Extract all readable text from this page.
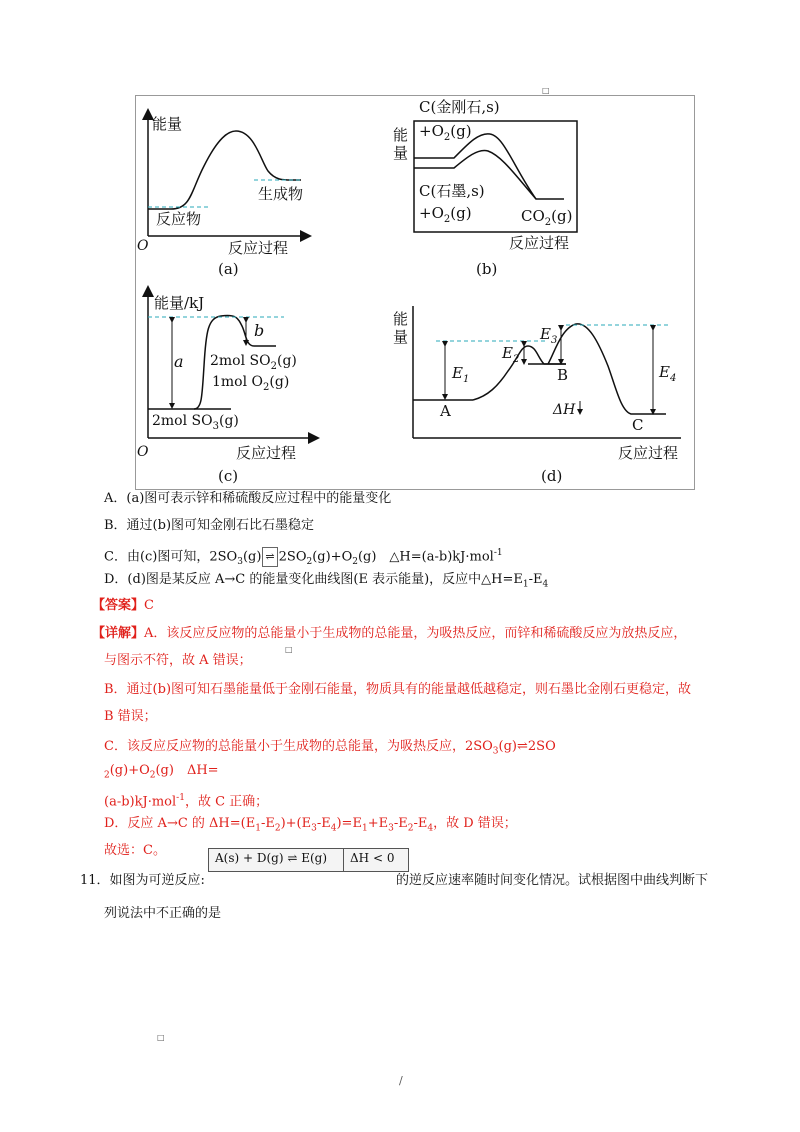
□
□
□
能量
O
反应物
生成物
反应过程
(a)
C(金刚石,s)
$+O_2(g)$
能
量
C(石墨,s)
$+O_2(g)$	$CO_2(g)$
反应过程
(b)
能量/kJ
O
a
b
2mol $SO_2(g)$
1mol $O_2(g)$
2mol $SO_3(g)$
反应过程
(c)
能
量
$E_1$
$E_2$
$E_3$
$E_4$
ΔH
A
B
C
反应过程
(d)
A．(a)图可表示锌和稀硫酸反应过程中的能量变化
B．通过(b)图可知金刚石比石墨稳定
C．由(c)图可知，$2SO_3(g)$ ⇌ $2SO_2(g)+O_2(g)$　△H=(a-b)kJ·mol$^{-1}$
D．(d)图是某反应 A→C 的能量变化曲线图(E 表示能量)，反应中$\triangle H=E_1-E_4$
【答案】C
【详解】A．该反应反应物的总能量小于生成物的总能量，为吸热反应，而锌和稀硫酸反应为放热反应，
与图示不符，故 A 错误；
B．通过(b)图可知石墨能量低于金刚石能量，物质具有的能量越低越稳定，则石墨比金刚石更稳定，故
B 错误；
C．该反应反应物的总能量小于生成物的总能量，为吸热反应，$2SO_3(g)\rightleftharpoons 2SO$
$_2(g)+O_2(g)$　ΔH=
(a-b)kJ·mol$^{-1}$，故 C 正确；
D．反应 A→C 的 $\Delta H=(E_1-E_2)+(E_3-E_4)=E_1+E_3-E_2-E_4$，故 D 错误；
故选：C。
11．如图为可逆反应:
A(s) + D(g) ⇌ E(g)	ΔH < 0
的逆反应速率随时间变化情况。试根据图中曲线判断下
列说法中不正确的是
/
